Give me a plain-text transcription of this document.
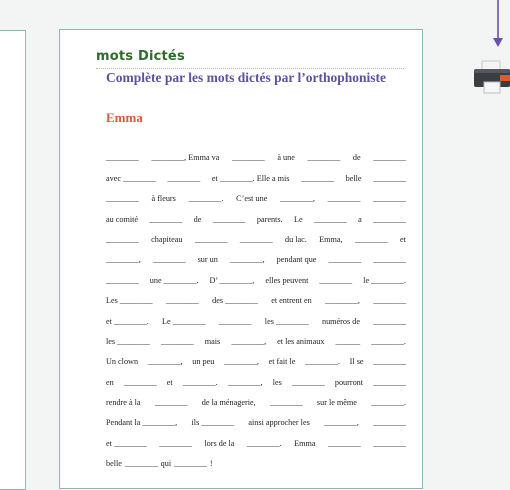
mots Dictés
Complète par les mots dictés par l’orthophoniste
Emma
________ ________, Emma va ________ à une ________ de ________
avec ________ ________ et ________. Elle a mis ________ belle ________
________ à fleurs ________. C’est une ________, ________ ________
au comité ________ de ________ parents. Le ________ a ________
________ chapiteau ________ ________ du lac. Emma, ________ et
________, ________ sur un ________, pendant que ________ ________
________ une ________. D’ ________, elles peuvent ________ le ________.
Les ________ ________ des ________ et entrent en ________, ________
et ________. Le ________ ________ les ________ numéros de ________
les ________ ________ mais ________, et les animaux ______ ________.
Un clown ________, un peu ________, et fait le ________. Il se ________
en ________ et ________. ________, les ________ pourront ________
rendre à la ________ de la ménagerie, ________ sur le même ________.
Pendant la ________, ils ________ ainsi approcher les ________, ________
et ________ ________ lors de la ________. Emma ________ ________
belle ________ qui ________ !
